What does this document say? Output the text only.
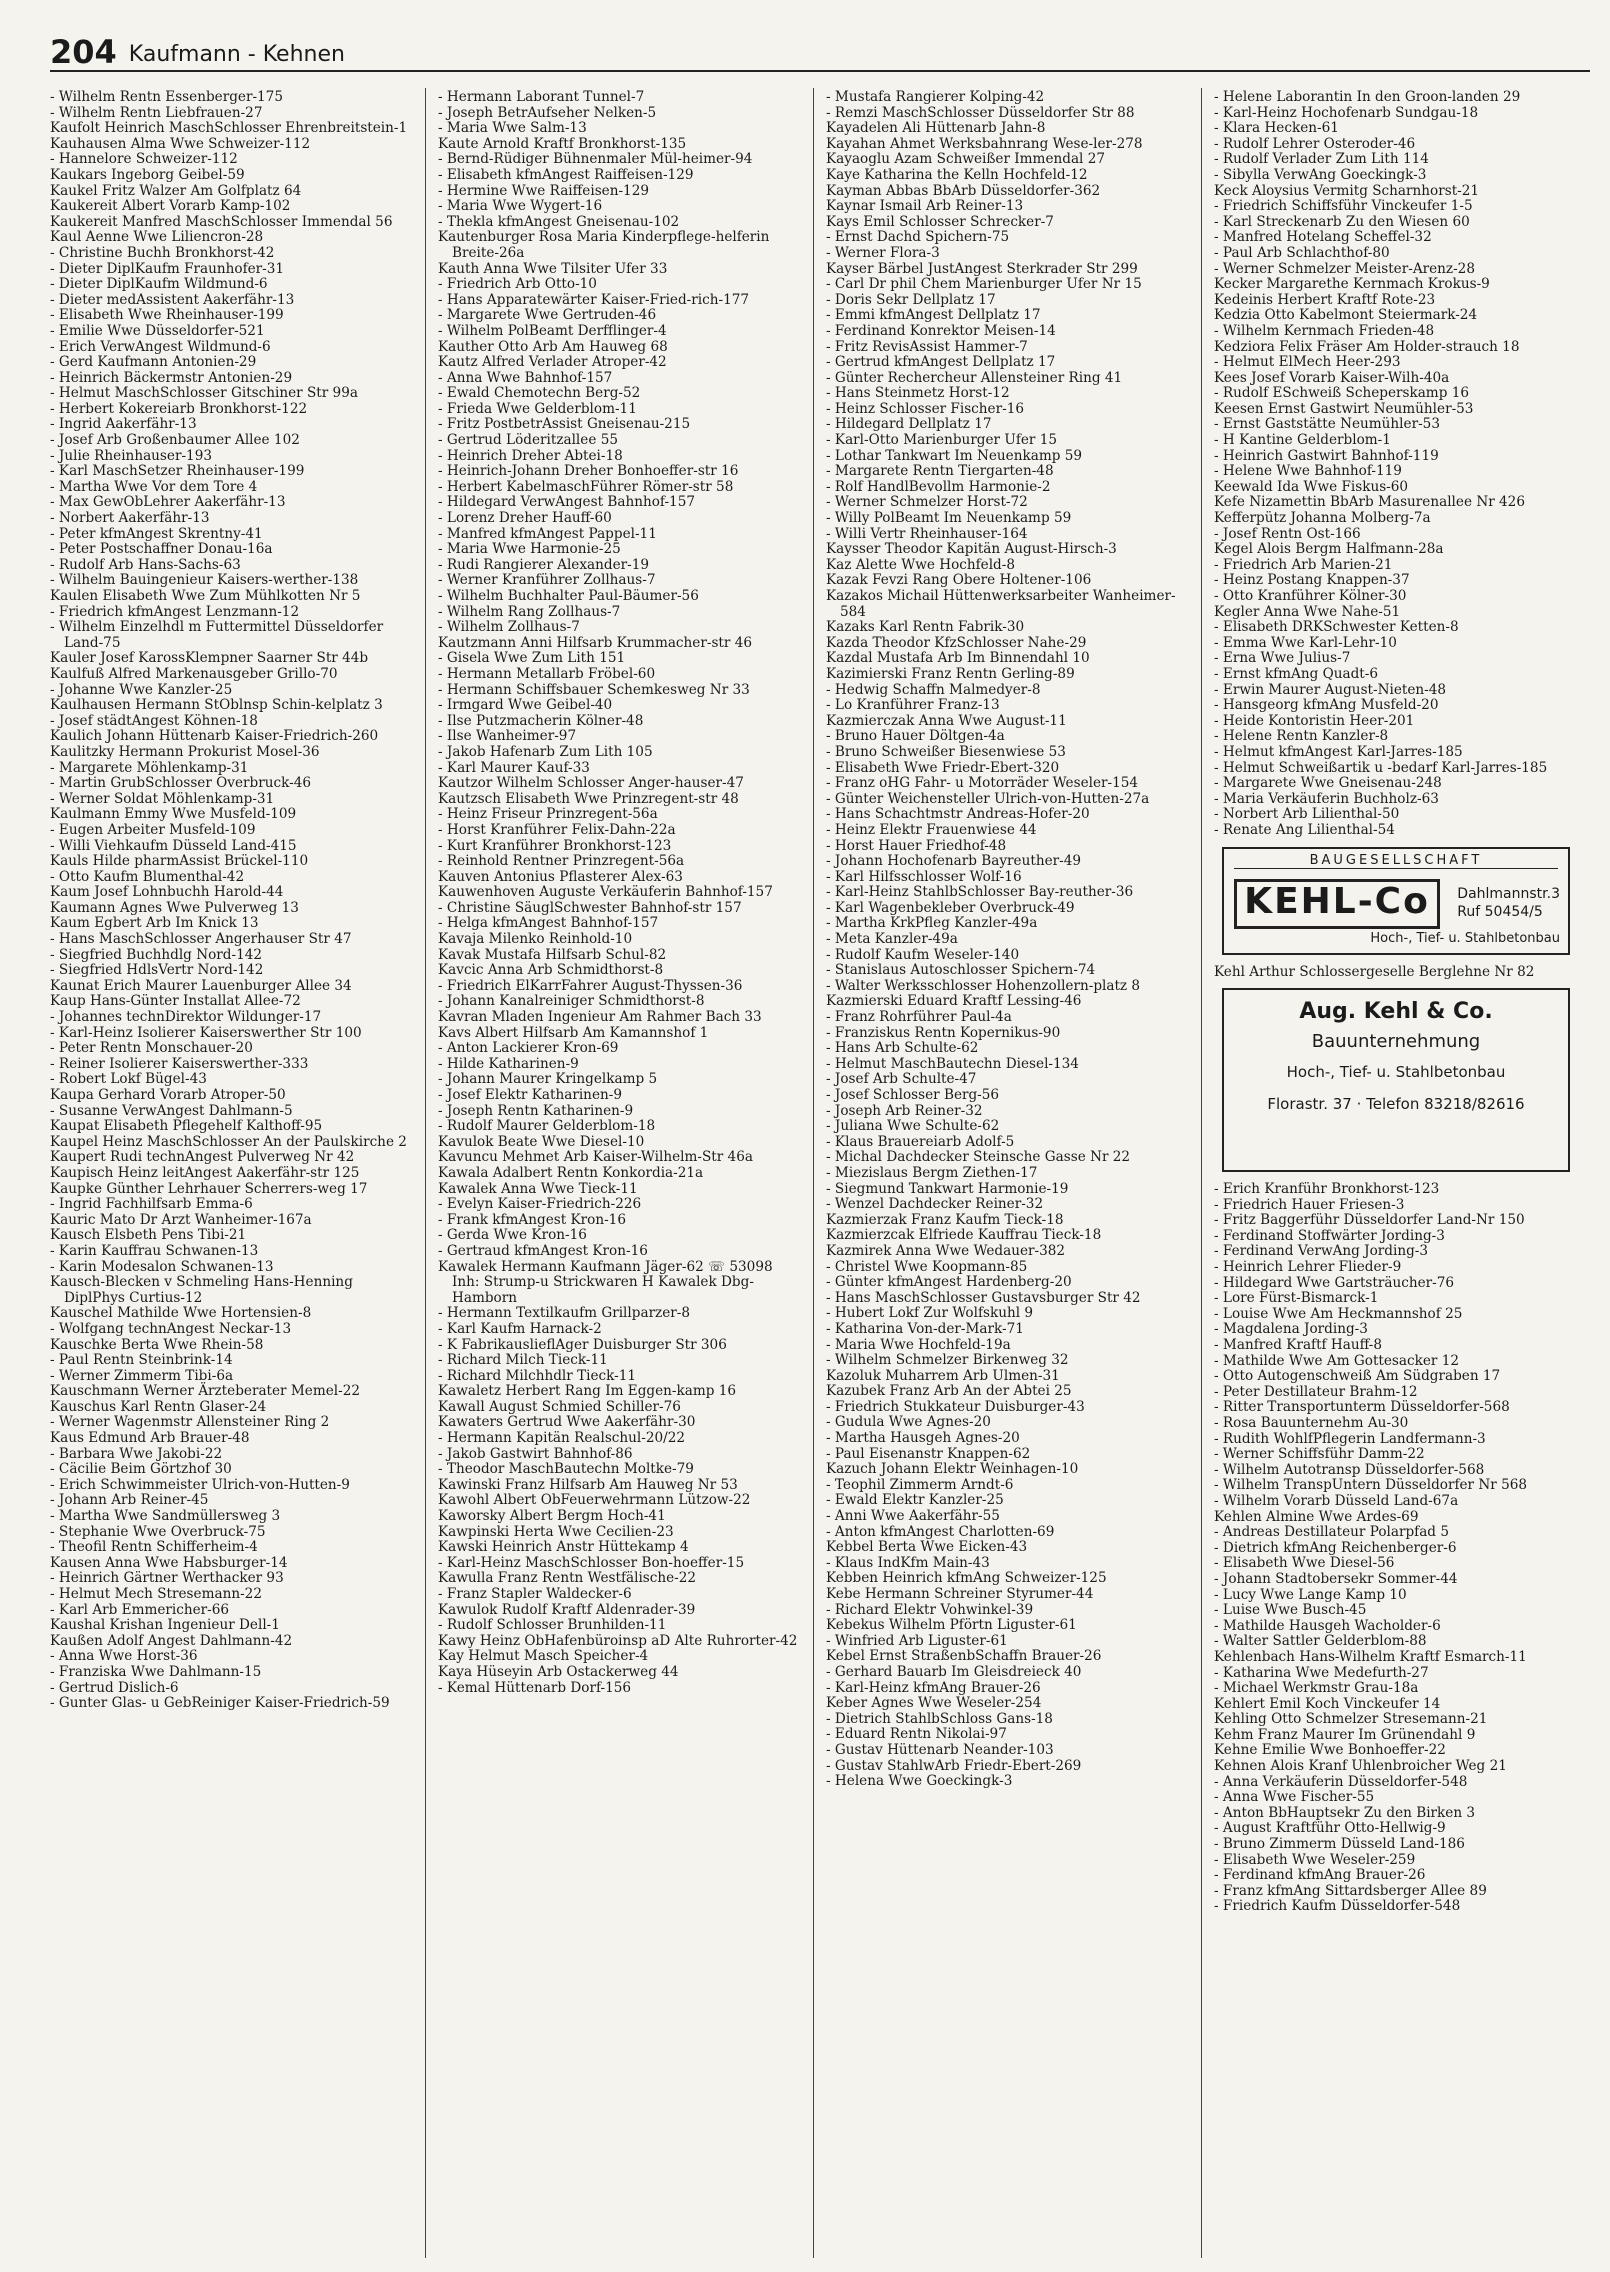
204 Kaufmann - Kehnen

- Wilhelm Rentn Essenberger-175

- Wilhelm Rentn Liebfrauen-27

Kaufolt Heinrich MaschSchlosser Ehrenbreitstein-1

Kauhausen Alma Wwe Schweizer-112

- Hannelore Schweizer-112

Kaukars Ingeborg Geibel-59

Kaukel Fritz Walzer Am Golfplatz 64

Kaukereit Albert Vorarb Kamp-102

Kaukereit Manfred MaschSchlosser Immendal 56

Kaul Aenne Wwe Liliencron-28

- Christine Buchh Bronkhorst-42

- Dieter DiplKaufm Fraunhofer-31

- Dieter DiplKaufm Wildmund-6

- Dieter medAssistent Aakerfähr-13

- Elisabeth Wwe Rheinhauser-199

- Emilie Wwe Düsseldorfer-521

- Erich VerwAngest Wildmund-6

- Gerd Kaufmann Antonien-29

- Heinrich Bäckermstr Antonien-29

- Helmut MaschSchlosser Gitschiner Str 99a

- Herbert Kokereiarb Bronkhorst-122

- Ingrid Aakerfähr-13

- Josef Arb Großenbaumer Allee 102

- Julie Rheinhauser-193

- Karl MaschSetzer Rheinhauser-199

- Martha Wwe Vor dem Tore 4

- Max GewObLehrer Aakerfähr-13

- Norbert Aakerfähr-13

- Peter kfmAngest Skrentny-41

- Peter Postschaffner Donau-16a

- Rudolf Arb Hans-Sachs-63

- Wilhelm Bauingenieur Kaisers-werther-138

Kaulen Elisabeth Wwe Zum Mühlkotten Nr 5

- Friedrich kfmAngest Lenzmann-12

- Wilhelm Einzelhdl m Futtermittel Düsseldorfer Land-75

Kauler Josef KarossKlempner Saarner Str 44b

Kaulfuß Alfred Markenausgeber Grillo-70

- Johanne Wwe Kanzler-25

Kaulhausen Hermann StOblnsp Schin-kelplatz 3

- Josef städtAngest Köhnen-18

Kaulich Johann Hüttenarb Kaiser-Friedrich-260

Kaulitzky Hermann Prokurist Mosel-36

- Margarete Möhlenkamp-31

- Martin GrubSchlosser Overbruck-46

- Werner Soldat Möhlenkamp-31

Kaulmann Emmy Wwe Musfeld-109

- Eugen Arbeiter Musfeld-109

- Willi Viehkaufm Düsseld Land-415

Kauls Hilde pharmAssist Brückel-110

- Otto Kaufm Blumenthal-42

Kaum Josef Lohnbuchh Harold-44

Kaumann Agnes Wwe Pulverweg 13

Kaum Egbert Arb Im Knick 13

- Hans MaschSchlosser Angerhauser Str 47

- Siegfried Buchhdlg Nord-142

- Siegfried HdlsVertr Nord-142

Kaunat Erich Maurer Lauenburger Allee 34

Kaup Hans-Günter Installat Allee-72

- Johannes technDirektor Wildunger-17

- Karl-Heinz Isolierer Kaiserswerther Str 100

- Peter Rentn Monschauer-20

- Reiner Isolierer Kaiserswerther-333

- Robert Lokf Bügel-43

Kaupa Gerhard Vorarb Atroper-50

- Susanne VerwAngest Dahlmann-5

Kaupat Elisabeth Pflegehelf Kalthoff-95

Kaupel Heinz MaschSchlosser An der Paulskirche 2

Kaupert Rudi technAngest Pulverweg Nr 42

Kaupisch Heinz leitAngest Aakerfähr-str 125

Kaupke Günther Lehrhauer Scherrers-weg 17

- Ingrid Fachhilfsarb Emma-6

Kauric Mato Dr Arzt Wanheimer-167a

Kausch Elsbeth Pens Tibi-21

- Karin Kauffrau Schwanen-13

- Karin Modesalon Schwanen-13

Kausch-Blecken v Schmeling Hans-Henning DiplPhys Curtius-12

Kauschel Mathilde Wwe Hortensien-8

- Wolfgang technAngest Neckar-13

Kauschke Berta Wwe Rhein-58

- Paul Rentn Steinbrink-14

- Werner Zimmerm Tibi-6a

Kauschmann Werner Ärzteberater Memel-22

Kauschus Karl Rentn Glaser-24

- Werner Wagenmstr Allensteiner Ring 2

Kaus Edmund Arb Brauer-48

- Barbara Wwe Jakobi-22

- Cäcilie Beim Görtzhof 30

- Erich Schwimmeister Ulrich-von-Hutten-9

- Johann Arb Reiner-45

- Martha Wwe Sandmüllersweg 3

- Stephanie Wwe Overbruck-75

- Theofil Rentn Schifferheim-4

Kausen Anna Wwe Habsburger-14

- Heinrich Gärtner Werthacker 93

- Helmut Mech Stresemann-22

- Karl Arb Emmericher-66

Kaushal Krishan Ingenieur Dell-1

Kaußen Adolf Angest Dahlmann-42

- Anna Wwe Horst-36

- Franziska Wwe Dahlmann-15

- Gertrud Dislich-6

- Gunter Glas- u GebReiniger Kaiser-Friedrich-59

- Hermann Laborant Tunnel-7

- Joseph BetrAufseher Nelken-5

- Maria Wwe Salm-13

Kaute Arnold Kraftf Bronkhorst-135

- Bernd-Rüdiger Bühnenmaler Mül-heimer-94

- Elisabeth kfmAngest Raiffeisen-129

- Hermine Wwe Raiffeisen-129

- Maria Wwe Wygert-16

- Thekla kfmAngest Gneisenau-102

Kautenburger Rosa Maria Kinderpflege-helferin Breite-26a

Kauth Anna Wwe Tilsiter Ufer 33

- Friedrich Arb Otto-10

- Hans Apparatewärter Kaiser-Fried-rich-177

- Margarete Wwe Gertruden-46

- Wilhelm PolBeamt Derfflinger-4

Kauther Otto Arb Am Hauweg 68

Kautz Alfred Verlader Atroper-42

- Anna Wwe Bahnhof-157

- Ewald Chemotechn Berg-52

- Frieda Wwe Gelderblom-11

- Fritz PostbetrAssist Gneisenau-215

- Gertrud Löderitzallee 55

- Heinrich Dreher Abtei-18

- Heinrich-Johann Dreher Bonhoeffer-str 16

- Herbert KabelmaschFührer Römer-str 58

- Hildegard VerwAngest Bahnhof-157

- Lorenz Dreher Hauff-60

- Manfred kfmAngest Pappel-11

- Maria Wwe Harmonie-25

- Rudi Rangierer Alexander-19

- Werner Kranführer Zollhaus-7

- Wilhelm Buchhalter Paul-Bäumer-56

- Wilhelm Rang Zollhaus-7

- Wilhelm Zollhaus-7

Kautzmann Anni Hilfsarb Krummacher-str 46

- Gisela Wwe Zum Lith 151

- Hermann Metallarb Fröbel-60

- Hermann Schiffsbauer Schemkesweg Nr 33

- Irmgard Wwe Geibel-40

- Ilse Putzmacherin Kölner-48

- Ilse Wanheimer-97

- Jakob Hafenarb Zum Lith 105

- Karl Maurer Kauf-33

Kautzor Wilhelm Schlosser Anger-hauser-47

Kautzsch Elisabeth Wwe Prinzregent-str 48

- Heinz Friseur Prinzregent-56a

- Horst Kranführer Felix-Dahn-22a

- Kurt Kranführer Bronkhorst-123

- Reinhold Rentner Prinzregent-56a

Kauven Antonius Pflasterer Alex-63

Kauwenhoven Auguste Verkäuferin Bahnhof-157

- Christine SäuglSchwester Bahnhof-str 157

- Helga kfmAngest Bahnhof-157

Kavaja Milenko Reinhold-10

Kavak Mustafa Hilfsarb Schul-82

Kavcic Anna Arb Schmidthorst-8

- Friedrich ElKarrFahrer August-Thyssen-36

- Johann Kanalreiniger Schmidthorst-8

Kavran Mladen Ingenieur Am Rahmer Bach 33

Kavs Albert Hilfsarb Am Kamannshof 1

- Anton Lackierer Kron-69

- Hilde Katharinen-9

- Johann Maurer Kringelkamp 5

- Josef Elektr Katharinen-9

- Joseph Rentn Katharinen-9

- Rudolf Maurer Gelderblom-18

Kavulok Beate Wwe Diesel-10

Kavuncu Mehmet Arb Kaiser-Wilhelm-Str 46a

Kawala Adalbert Rentn Konkordia-21a

Kawalek Anna Wwe Tieck-11

- Evelyn Kaiser-Friedrich-226

- Frank kfmAngest Kron-16

- Gerda Wwe Kron-16

- Gertraud kfmAngest Kron-16

Kawalek Hermann Kaufmann Jäger-62 ☏ 53098 Inh: Strump-u Strickwaren H Kawalek Dbg-Hamborn

- Hermann Textilkaufm Grillparzer-8

- Karl Kaufm Harnack-2

- K FabrikauslieflAger Duisburger Str 306

- Richard Milch Tieck-11

- Richard Milchhdlr Tieck-11

Kawaletz Herbert Rang Im Eggen-kamp 16

Kawall August Schmied Schiller-76

Kawaters Gertrud Wwe Aakerfähr-30

- Hermann Kapitän Realschul-20/22

- Jakob Gastwirt Bahnhof-86

- Theodor MaschBautechn Moltke-79

Kawinski Franz Hilfsarb Am Hauweg Nr 53

Kawohl Albert ObFeuerwehrmann Lützow-22

Kaworsky Albert Bergm Hoch-41

Kawpinski Herta Wwe Cecilien-23

Kawski Heinrich Anstr Hüttekamp 4

- Karl-Heinz MaschSchlosser Bon-hoeffer-15

Kawulla Franz Rentn Westfälische-22

- Franz Stapler Waldecker-6

Kawulok Rudolf Kraftf Aldenrader-39

- Rudolf Schlosser Brunhilden-11

Kawy Heinz ObHafenbüroinsp aD Alte Ruhrorter-42

Kay Helmut Masch Speicher-4

Kaya Hüseyin Arb Ostackerweg 44

- Kemal Hüttenarb Dorf-156

- Mustafa Rangierer Kolping-42

- Remzi MaschSchlosser Düsseldorfer Str 88

Kayadelen Ali Hüttenarb Jahn-8

Kayahan Ahmet Werksbahnrang Wese-ler-278

Kayaoglu Azam Schweißer Immendal 27

Kaye Katharina the Kelln Hochfeld-12

Kayman Abbas BbArb Düsseldorfer-362

Kaynar Ismail Arb Reiner-13

Kays Emil Schlosser Schrecker-7

- Ernst Dachd Spichern-75

- Werner Flora-3

Kayser Bärbel JustAngest Sterkrader Str 299

- Carl Dr phil Chem Marienburger Ufer Nr 15

- Doris Sekr Dellplatz 17

- Emmi kfmAngest Dellplatz 17

- Ferdinand Konrektor Meisen-14

- Fritz RevisAssist Hammer-7

- Gertrud kfmAngest Dellplatz 17

- Günter Rechercheur Allensteiner Ring 41

- Hans Steinmetz Horst-12

- Heinz Schlosser Fischer-16

- Hildegard Dellplatz 17

- Karl-Otto Marienburger Ufer 15

- Lothar Tankwart Im Neuenkamp 59

- Margarete Rentn Tiergarten-48

- Rolf HandlBevollm Harmonie-2

- Werner Schmelzer Horst-72

- Willy PolBeamt Im Neuenkamp 59

- Willi Vertr Rheinhauser-164

Kaysser Theodor Kapitän August-Hirsch-3

Kaz Alette Wwe Hochfeld-8

Kazak Fevzi Rang Obere Holtener-106

Kazakos Michail Hüttenwerksarbeiter Wanheimer-584

Kazaks Karl Rentn Fabrik-30

Kazda Theodor KfzSchlosser Nahe-29

Kazdal Mustafa Arb Im Binnendahl 10

Kazimierski Franz Rentn Gerling-89

- Hedwig Schaffn Malmedyer-8

- Lo Kranführer Franz-13

Kazmierczak Anna Wwe August-11

- Bruno Hauer Döltgen-4a

- Bruno Schweißer Biesenwiese 53

- Elisabeth Wwe Friedr-Ebert-320

- Franz oHG Fahr- u Motorräder Weseler-154

- Günter Weichensteller Ulrich-von-Hutten-27a

- Hans Schachtmstr Andreas-Hofer-20

- Heinz Elektr Frauenwiese 44

- Horst Hauer Friedhof-48

- Johann Hochofenarb Bayreuther-49

- Karl Hilfsschlosser Wolf-16

- Karl-Heinz StahlbSchlosser Bay-reuther-36

- Karl Wagenbekleber Overbruck-49

- Martha KrkPfleg Kanzler-49a

- Meta Kanzler-49a

- Rudolf Kaufm Weseler-140

- Stanislaus Autoschlosser Spichern-74

- Walter Werksschlosser Hohenzollern-platz 8

Kazmierski Eduard Kraftf Lessing-46

- Franz Rohrführer Paul-4a

- Franziskus Rentn Kopernikus-90

- Hans Arb Schulte-62

- Helmut MaschBautechn Diesel-134

- Josef Arb Schulte-47

- Josef Schlosser Berg-56

- Joseph Arb Reiner-32

- Juliana Wwe Schulte-62

- Klaus Brauereiarb Adolf-5

- Michal Dachdecker Steinsche Gasse Nr 22

- Miezislaus Bergm Ziethen-17

- Siegmund Tankwart Harmonie-19

- Wenzel Dachdecker Reiner-32

Kazmierzak Franz Kaufm Tieck-18

Kazmierzcak Elfriede Kauffrau Tieck-18

Kazmirek Anna Wwe Wedauer-382

- Christel Wwe Koopmann-85

- Günter kfmAngest Hardenberg-20

- Hans MaschSchlosser Gustavsburger Str 42

- Hubert Lokf Zur Wolfskuhl 9

- Katharina Von-der-Mark-71

- Maria Wwe Hochfeld-19a

- Wilhelm Schmelzer Birkenweg 32

Kazoluk Muharrem Arb Ulmen-31

Kazubek Franz Arb An der Abtei 25

- Friedrich Stukkateur Duisburger-43

- Gudula Wwe Agnes-20

- Martha Hausgeh Agnes-20

- Paul Eisenanstr Knappen-62

Kazuch Johann Elektr Weinhagen-10

- Teophil Zimmerm Arndt-6

- Ewald Elektr Kanzler-25

- Anni Wwe Aakerfähr-55

- Anton kfmAngest Charlotten-69

Kebbel Berta Wwe Eicken-43

- Klaus IndKfm Main-43

Kebben Heinrich kfmAng Schweizer-125

Kebe Hermann Schreiner Styrumer-44

- Richard Elektr Vohwinkel-39

Kebekus Wilhelm Pförtn Liguster-61

- Winfried Arb Liguster-61

Kebel Ernst StraßenbSchaffn Brauer-26

- Gerhard Bauarb Im Gleisdreieck 40

- Karl-Heinz kfmAng Brauer-26

Keber Agnes Wwe Weseler-254

- Dietrich StahlbSchloss Gans-18

- Eduard Rentn Nikolai-97

- Gustav Hüttenarb Neander-103

- Gustav StahlwArb Friedr-Ebert-269

- Helena Wwe Goeckingk-3

- Helene Laborantin In den Groon-landen 29

- Karl-Heinz Hochofenarb Sundgau-18

- Klara Hecken-61

- Rudolf Lehrer Osteroder-46

- Rudolf Verlader Zum Lith 114

- Sibylla VerwAng Goeckingk-3

Keck Aloysius Vermitg Scharnhorst-21

- Friedrich Schiffsführ Vinckeufer 1-5

- Karl Streckenarb Zu den Wiesen 60

- Manfred Hotelang Scheffel-32

- Paul Arb Schlachthof-80

- Werner Schmelzer Meister-Arenz-28

Kecker Margarethe Kernmach Krokus-9

Kedeinis Herbert Kraftf Rote-23

Kedzia Otto Kabelmont Steiermark-24

- Wilhelm Kernmach Frieden-48

Kedziora Felix Fräser Am Holder-strauch 18

- Helmut ElMech Heer-293

Kees Josef Vorarb Kaiser-Wilh-40a

- Rudolf ESchweiß Scheperskamp 16

Keesen Ernst Gastwirt Neumühler-53

- Ernst Gaststätte Neumühler-53

- H Kantine Gelderblom-1

- Heinrich Gastwirt Bahnhof-119

- Helene Wwe Bahnhof-119

Keewald Ida Wwe Fiskus-60

Kefe Nizamettin BbArb Masurenallee Nr 426

Kefferpütz Johanna Molberg-7a

- Josef Rentn Ost-166

Kegel Alois Bergm Halfmann-28a

- Friedrich Arb Marien-21

- Heinz Postang Knappen-37

- Otto Kranführer Kölner-30

Kegler Anna Wwe Nahe-51

- Elisabeth DRKSchwester Ketten-8

- Emma Wwe Karl-Lehr-10

- Erna Wwe Julius-7

- Ernst kfmAng Quadt-6

- Erwin Maurer August-Nieten-48

- Hansgeorg kfmAng Musfeld-20

- Heide Kontoristin Heer-201

- Helene Rentn Kanzler-8

- Helmut kfmAngest Karl-Jarres-185

- Helmut Schweißartik u -bedarf Karl-Jarres-185

- Margarete Wwe Gneisenau-248

- Maria Verkäuferin Buchholz-63

- Norbert Arb Lilienthal-50

- Renate Ang Lilienthal-54

BAUGESELLSCHAFT
KEHL-Co	Dahlmannstr.3
Ruf 50454/5
Hoch-, Tief- u. Stahlbetonbau

Kehl Arthur Schlossergeselle Berglehne Nr 82

Aug. Kehl & Co.
Bauunternehmung
Hoch-, Tief- u. Stahlbetonbau
Florastr. 37 · Telefon 83218/82616

- Erich Kranführ Bronkhorst-123

- Friedrich Hauer Friesen-3

- Fritz Baggerführ Düsseldorfer Land-Nr 150

- Ferdinand Stoffwärter Jording-3

- Ferdinand VerwAng Jording-3

- Heinrich Lehrer Flieder-9

- Hildegard Wwe Gartsträucher-76

- Lore Fürst-Bismarck-1

- Louise Wwe Am Heckmannshof 25

- Magdalena Jording-3

- Manfred Kraftf Hauff-8

- Mathilde Wwe Am Gottesacker 12

- Otto Autogenschweiß Am Südgraben 17

- Peter Destillateur Brahm-12

- Ritter Transportunterm Düsseldorfer-568

- Rosa Bauunternehm Au-30

- Rudith WohlfPflegerin Landfermann-3

- Werner Schiffsführ Damm-22

- Wilhelm Autotransp Düsseldorfer-568

- Wilhelm TranspUntern Düsseldorfer Nr 568

- Wilhelm Vorarb Düsseld Land-67a

Kehlen Almine Wwe Ardes-69

- Andreas Destillateur Polarpfad 5

- Dietrich kfmAng Reichenberger-6

- Elisabeth Wwe Diesel-56

- Johann Stadtobersekr Sommer-44

- Lucy Wwe Lange Kamp 10

- Luise Wwe Busch-45

- Mathilde Hausgeh Wacholder-6

- Walter Sattler Gelderblom-88

Kehlenbach Hans-Wilhelm Kraftf Esmarch-11

- Katharina Wwe Medefurth-27

- Michael Werkmstr Grau-18a

Kehlert Emil Koch Vinckeufer 14

Kehling Otto Schmelzer Stresemann-21

Kehm Franz Maurer Im Grünendahl 9

Kehne Emilie Wwe Bonhoeffer-22

Kehnen Alois Kranf Uhlenbroicher Weg 21

- Anna Verkäuferin Düsseldorfer-548

- Anna Wwe Fischer-55

- Anton BbHauptsekr Zu den Birken 3

- August Kraftführ Otto-Hellwig-9

- Bruno Zimmerm Düsseld Land-186

- Elisabeth Wwe Weseler-259

- Ferdinand kfmAng Brauer-26

- Franz kfmAng Sittardsberger Allee 89

- Friedrich Kaufm Düsseldorfer-548
